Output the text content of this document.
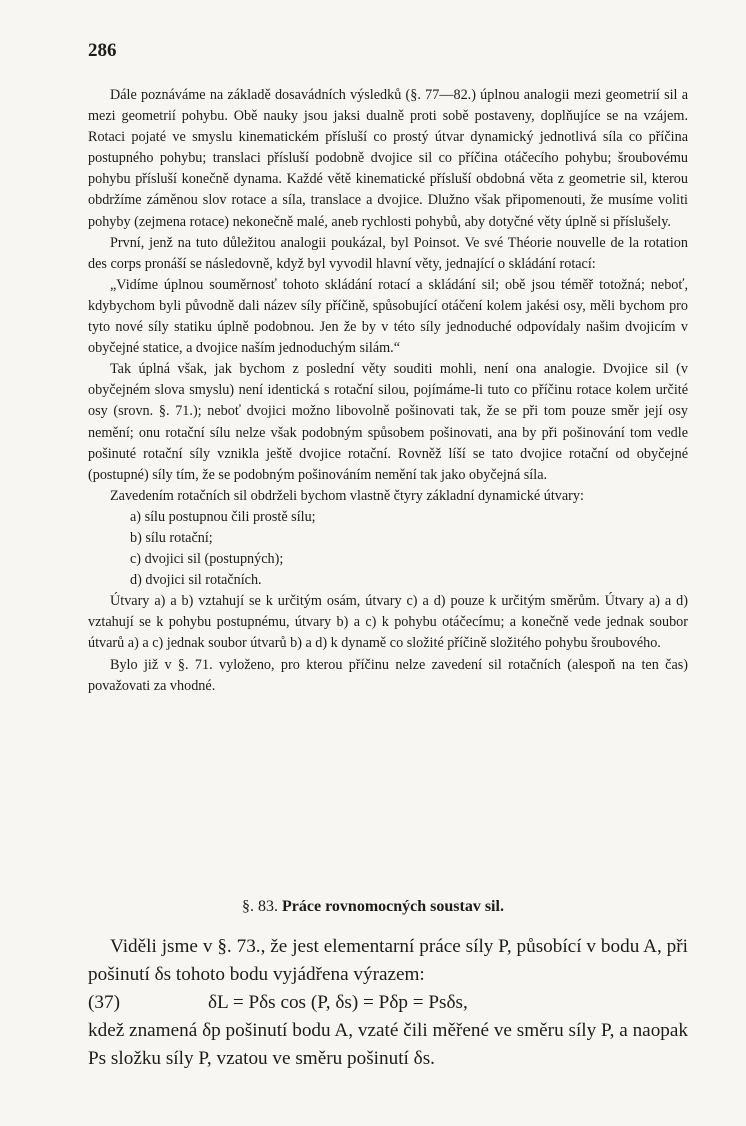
286

Dále poznáváme na základě dosavádních výsledků (§. 77—82.) úplnou analogii mezi geometrií sil a mezi geometrií pohybu. Obě nauky jsou jaksi dualně proti sobě postaveny, doplňujíce se na vzájem. Rotaci pojaté ve smyslu kinematickém přísluší co prostý útvar dynamický jednotlivá síla co příčina postupného pohybu; translaci přísluší podobně dvojice sil co příčina otáčecího pohybu; šroubovému pohybu přísluší konečně dynama. Každé větě kinematické přísluší obdobná věta z geometrie sil, kterou obdržíme záměnou slov rotace a síla, translace a dvojice. Dlužno však připomenouti, že musíme voliti pohyby (zejmena rotace) nekonečně malé, aneb rychlosti pohybů, aby dotyčné věty úplně si příslušely.

První, jenž na tuto důležitou analogii poukázal, byl Poinsot. Ve své Théorie nouvelle de la rotation des corps pronáší se následovně, když byl vyvodil hlavní věty, jednající o skládání rotací:

„Vidíme úplnou souměrnosť tohoto skládání rotací a skládání sil; obě jsou téměř totožná; neboť, kdybychom byli původně dali název síly příčině, spůsobující otáčení kolem jakési osy, měli bychom pro tyto nové síly statiku úplně podobnou. Jen že by v této síly jednoduché odpovídaly našim dvojicím v obyčejné statice, a dvojice naším jednoduchým silám.“

Tak úplná však, jak bychom z poslední věty souditi mohli, není ona analogie. Dvojice sil (v obyčejném slova smyslu) není identická s rotační silou, pojímáme-li tuto co příčinu rotace kolem určité osy (srovn. §. 71.); neboť dvojici možno libovolně pošinovati tak, že se při tom pouze směr její osy nemění; onu rotační sílu nelze však podobným spůsobem pošinovati, ana by při pošinování tom vedle pošinuté rotační síly vznikla ještě dvojice rotační. Rovněž líší se tato dvojice rotační od obyčejné (postupné) síly tím, že se podobným pošinováním nemění tak jako obyčejná síla.

Zavedením rotačních sil obdrželi bychom vlastně čtyry základní dynamické útvary:

a) sílu postupnou čili prostě sílu;
b) sílu rotační;
c) dvojici sil (postupných);
d) dvojici sil rotačních.

Útvary a) a b) vztahují se k určitým osám, útvary c) a d) pouze k určitým směrům. Útvary a) a d) vztahují se k pohybu postupnému, útvary b) a c) k pohybu otáčecímu; a konečně vede jednak soubor útvarů a) a c) jednak soubor útvarů b) a d) k dynamě co složité příčině složitého pohybu šroubového.

Bylo již v §. 71. vyloženo, pro kterou příčinu nelze zavedení sil rotačních (alespoň na ten čas) považovati za vhodné.

§. 83. Práce rovnomocných soustav sil.
Viděli jsme v §. 73., že jest elementarní práce síly P, působící v bodu A, při pošinutí δs tohoto bodu vyjádřena výrazem:
(37)	δL = Pδs cos (P, δs) = Pδp = Psδs,
kdež znamená δp pošinutí bodu A, vzaté čili měřené ve směru síly P, a naopak Ps složku síly P, vzatou ve směru pošinutí δs.
